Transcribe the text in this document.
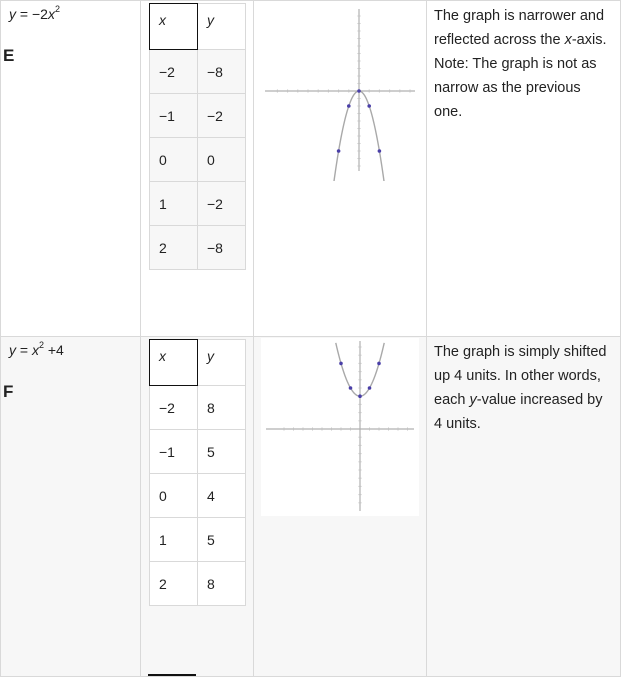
$y = -2x^2$
E

x	y
−2	−8
−1	−2
0	0
1	−2
2	−8

The graph is narrower and reflected across the x-axis. Note: The graph is not as narrow as the previous one.

$y = x^2 +4$
F

x	y
−2	8
−1	5
0	4
1	5
2	8

The graph is simply shifted up 4 units. In other words, each y-value increased by 4 units.
